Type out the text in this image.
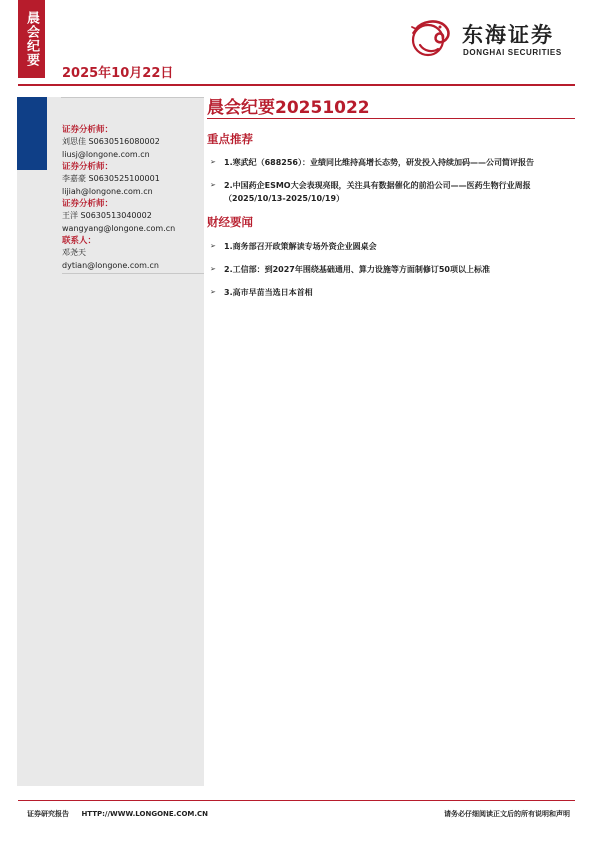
晨会纪要
2025年10月22日
东海证券
DONGHAI SECURITIES
证券分析师：
刘思佳 S0630516080002
liusj@longone.com.cn
证券分析师：
李嘉豪 S0630525100001
lijiah@longone.com.cn
证券分析师：
王洋 S0630513040002
wangyang@longone.com.cn
联系人：
邓尧天
dytian@longone.com.cn
晨会纪要20251022
重点推荐
➢ 1.寒武纪（688256）：业绩同比维持高增长态势，研发投入持续加码——公司简评报告
➢ 2.中国药企ESMO大会表现亮眼，关注具有数据催化的前沿公司——医药生物行业周报
（2025/10/13-2025/10/19）
财经要闻
➢ 1.商务部召开政策解读专场外资企业圆桌会
➢ 2.工信部：到2027年围绕基础通用、算力设施等方面制修订50项以上标准
➢ 3.高市早苗当选日本首相
证券研究报告 HTTP://WWW.LONGONE.COM.CN	请务必仔细阅读正文后的所有说明和声明
